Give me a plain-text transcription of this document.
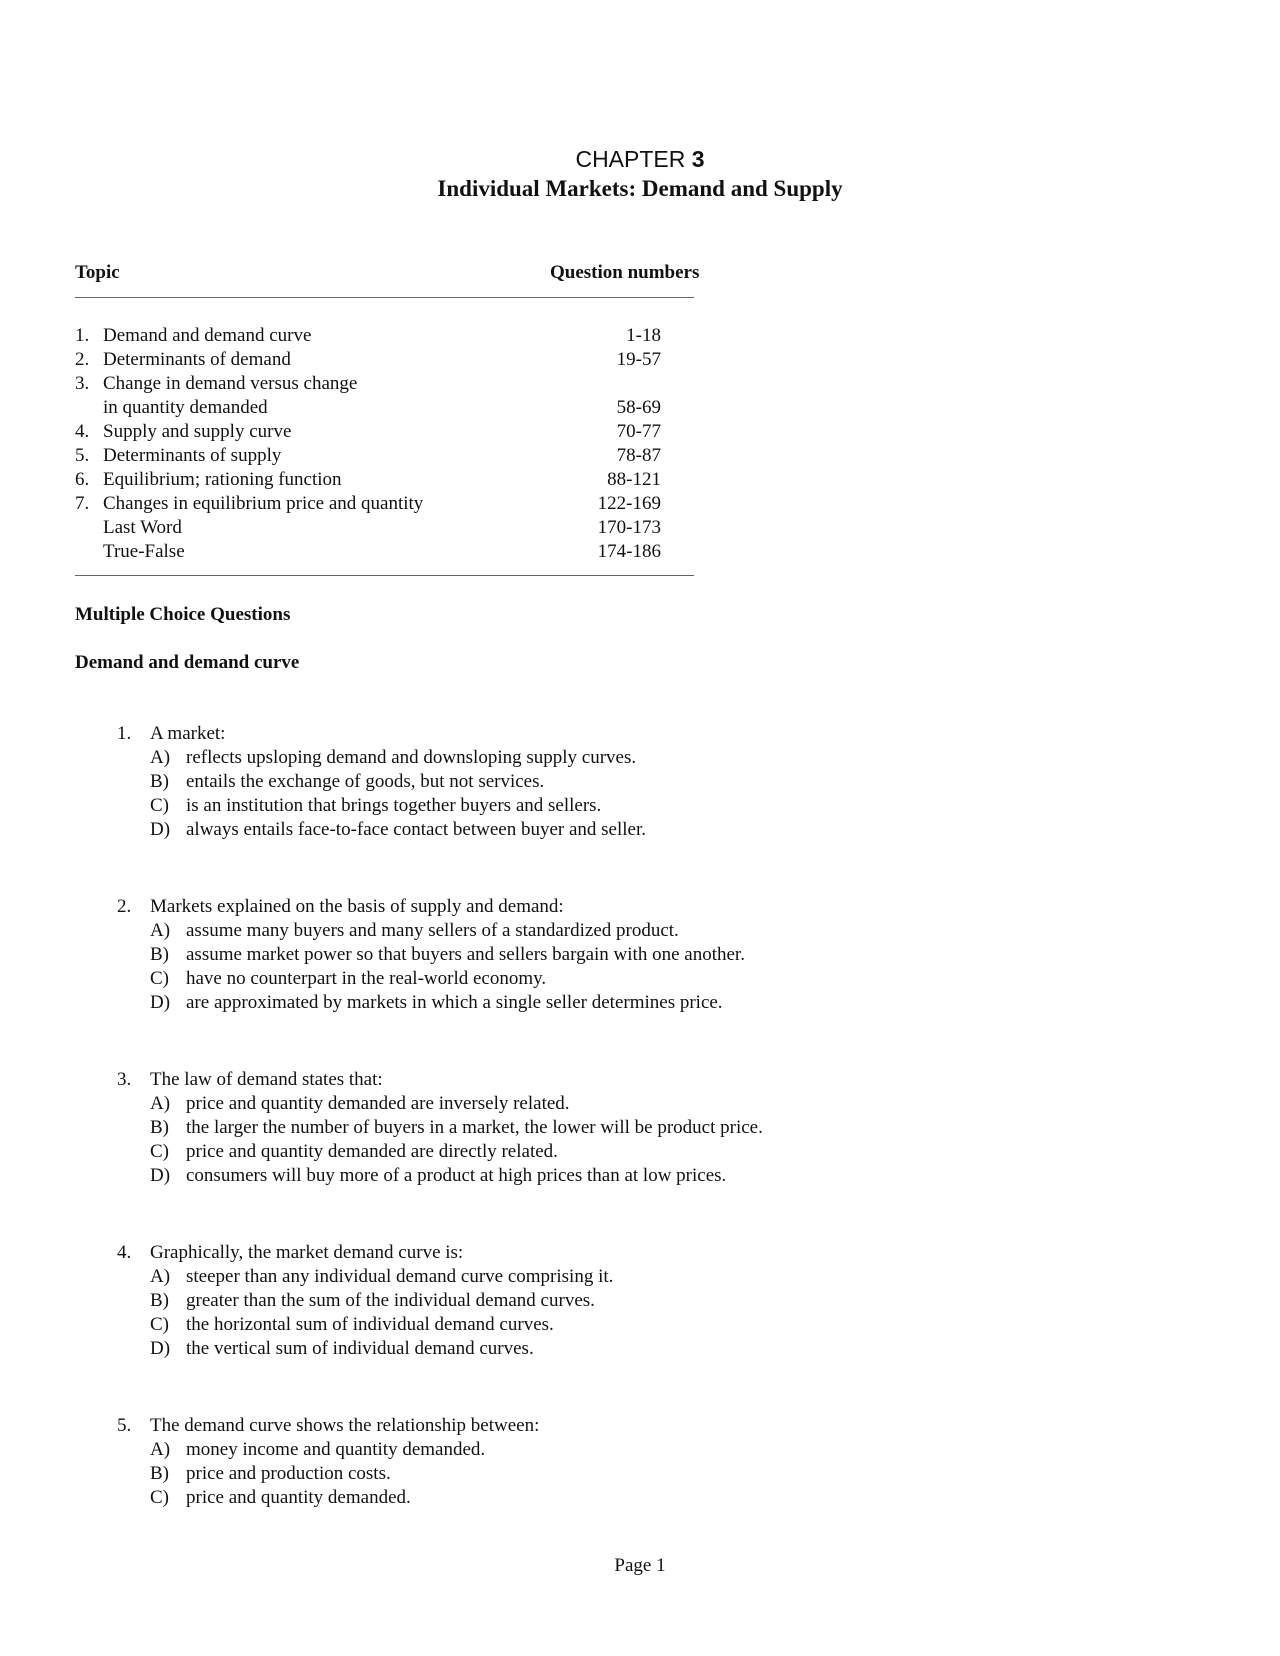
CHAPTER 3
Individual Markets: Demand and Supply
Topic	Question numbers
1. Demand and demand curve	1-18
2. Determinants of demand	19-57
3. Change in demand versus change
in quantity demanded	58-69
4. Supply and supply curve	70-77
5. Determinants of supply	78-87
6. Equilibrium; rationing function	88-121
7. Changes in equilibrium price and quantity	122-169
Last Word	170-173
True-False	174-186
Multiple Choice Questions
Demand and demand curve
1. A market:
A) reflects upsloping demand and downsloping supply curves.
B) entails the exchange of goods, but not services.
C) is an institution that brings together buyers and sellers.
D) always entails face-to-face contact between buyer and seller.
2. Markets explained on the basis of supply and demand:
A) assume many buyers and many sellers of a standardized product.
B) assume market power so that buyers and sellers bargain with one another.
C) have no counterpart in the real-world economy.
D) are approximated by markets in which a single seller determines price.
3. The law of demand states that:
A) price and quantity demanded are inversely related.
B) the larger the number of buyers in a market, the lower will be product price.
C) price and quantity demanded are directly related.
D) consumers will buy more of a product at high prices than at low prices.
4. Graphically, the market demand curve is:
A) steeper than any individual demand curve comprising it.
B) greater than the sum of the individual demand curves.
C) the horizontal sum of individual demand curves.
D) the vertical sum of individual demand curves.
5. The demand curve shows the relationship between:
A) money income and quantity demanded.
B) price and production costs.
C) price and quantity demanded.
Page 1
